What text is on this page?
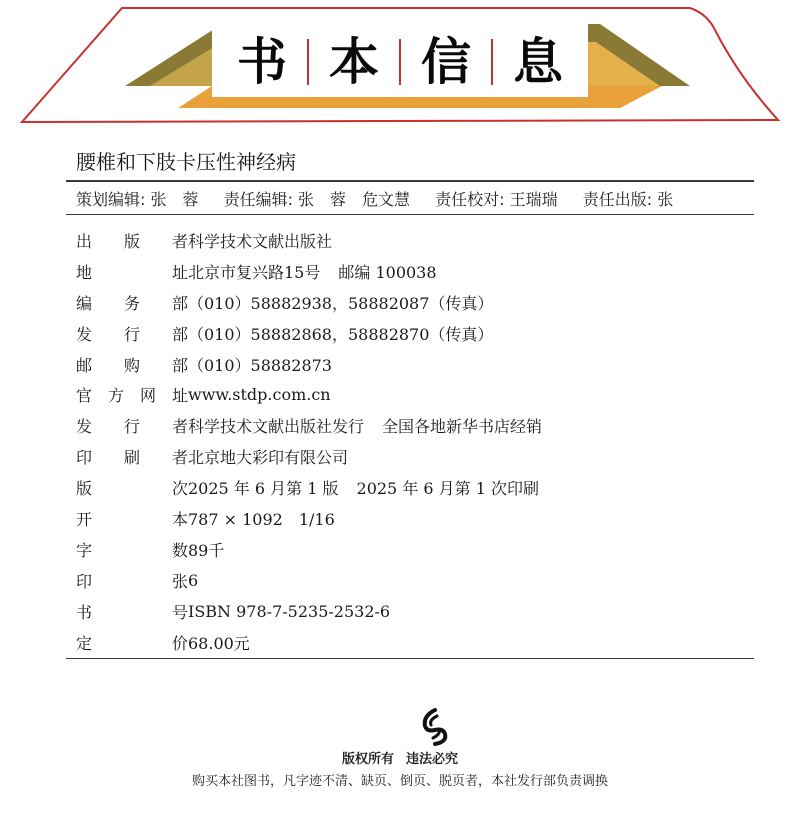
书 本 信 息
腰椎和下肢卡压性神经病
策划编辑: 张　蓉 责任编辑: 张　蓉　危文慧 责任校对: 王瑞瑞 责任出版: 张
出 版 者 科学技术文献出版社
地	址 北京市复兴路15号 邮编 100038
编 务 部 （010）58882938，58882087（传真）
发 行 部 （010）58882868，58882870（传真）
邮 购 部 （010）58882873
官 方 网 址 www.stdp.com.cn
发 行 者 科学技术文献出版社发行 全国各地新华书店经销
印 刷 者 北京地大彩印有限公司
版	次 2025 年 6 月第 1 版 2025 年 6 月第 1 次印刷
开	本 787 × 1092　1/16
字	数 89千
印	张 6
书	号 ISBN 978-7-5235-2532-6
定	价 68.00元
版权所有 违法必究
购买本社图书，凡字迹不清、缺页、倒页、脱页者，本社发行部负责调换
